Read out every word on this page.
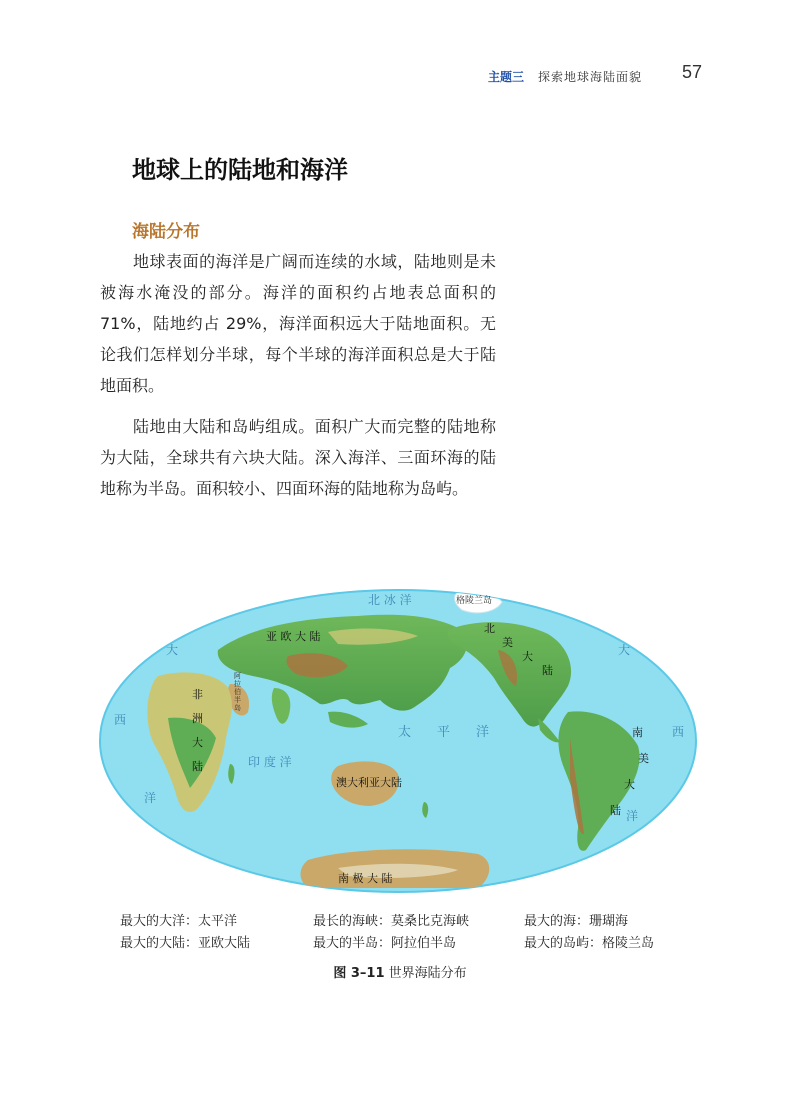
主题三 探索地球海陆面貌 57
地球上的陆地和海洋
海陆分布

地球表面的海洋是广阔而连续的水域，陆地则是未被海水淹没的部分。海洋的面积约占地表总面积的 71%，陆地约占 29%，海洋面积远大于陆地面积。无论我们怎样划分半球，每个半球的海洋面积总是大于陆地面积。

陆地由大陆和岛屿组成。面积广大而完整的陆地称为大陆，全球共有六块大陆。深入海洋、三面环海的陆地称为半岛。面积较小、四面环海的陆地称为岛屿。

北 冰 洋	格陵兰岛
亚 欧 大 陆
北
美
大
陆
非
洲
大
陆
阿
拉
伯
半
岛
太　　平　　洋
大
西
洋
大
西
洋
印 度 洋
澳大利亚大陆
南
美
大
陆
南 极 大 陆
最大的大洋：太平洋	最长的海峡：莫桑比克海峡	最大的海：珊瑚海
最大的大陆：亚欧大陆	最大的半岛：阿拉伯半岛	最大的岛屿：格陵兰岛
图 3–11 世界海陆分布
